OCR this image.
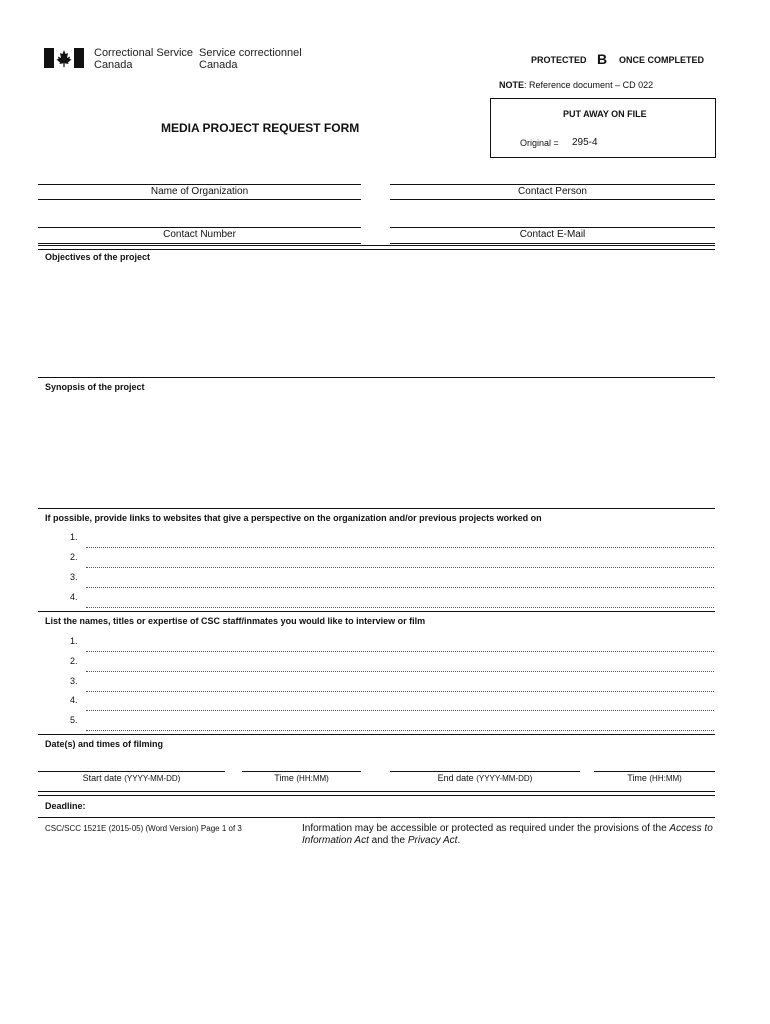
Correctional Service
Canada
Service correctionnel
Canada	PROTECTED B ONCE COMPLETED
NOTE: Reference document – CD 022
PUT AWAY ON FILE
Original = 295-4
MEDIA PROJECT REQUEST FORM
Name of Organization	Contact Person
Contact Number	Contact E-Mail
Objectives of the project
Synopsis of the project
If possible, provide links to websites that give a perspective on the organization and/or previous projects worked on
1.
2.
3.
4.
List the names, titles or expertise of CSC staff/inmates you would like to interview or film
1.
2.
3.
4.
5.
Date(s) and times of filming
Start date (YYYY-MM-DD)	Time (HH:MM)	End date (YYYY-MM-DD)	Time (HH:MM)
Deadline:
CSC/SCC 1521E (2015-05) (Word Version) Page 1 of 3	Information may be accessible or protected as required under the provisions of the Access to Information Act and the Privacy Act.
